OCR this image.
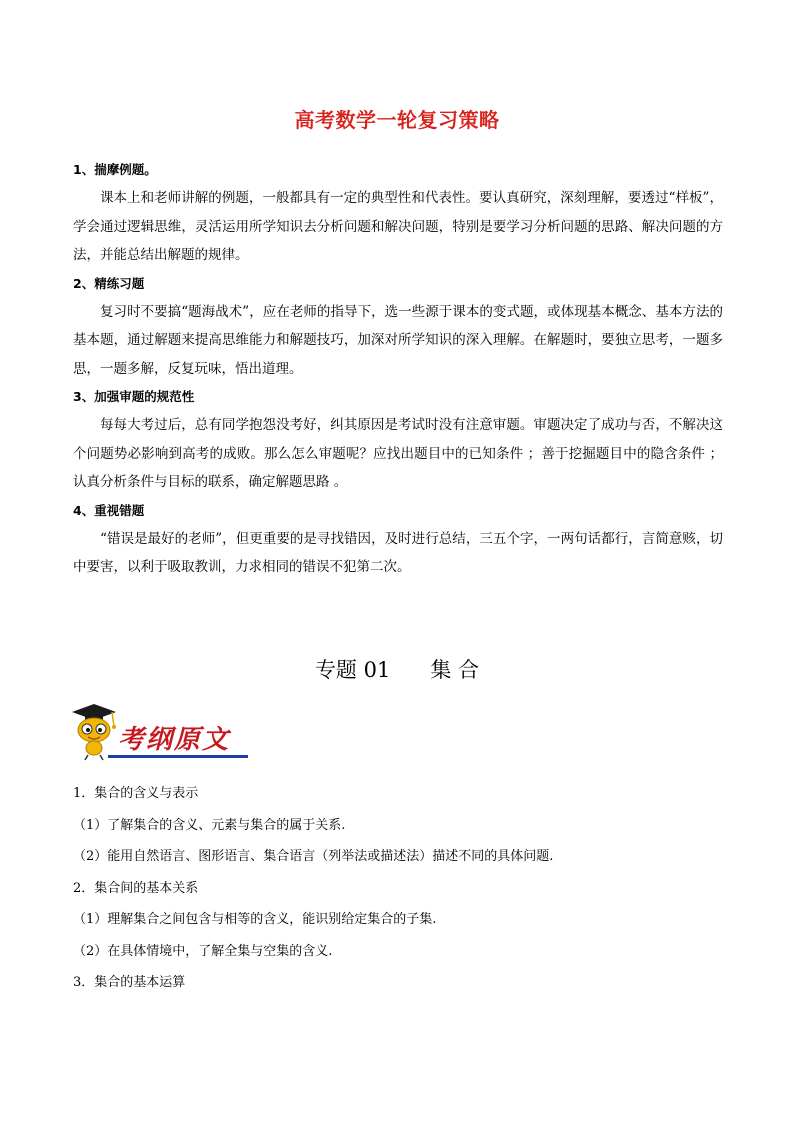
高考数学一轮复习策略
1、揣摩例题。

课本上和老师讲解的例题，一般都具有一定的典型性和代表性。要认真研究，深刻理解，要透过“样板”，学会通过逻辑思维，灵活运用所学知识去分析问题和解决问题，特别是要学习分析问题的思路、解决问题的方法，并能总结出解题的规律。

2、精练习题

复习时不要搞“题海战术”，应在老师的指导下，选一些源于课本的变式题，或体现基本概念、基本方法的基本题，通过解题来提高思维能力和解题技巧，加深对所学知识的深入理解。在解题时，要独立思考，一题多思，一题多解，反复玩味，悟出道理。

3、加强审题的规范性

每每大考过后，总有同学抱怨没考好，纠其原因是考试时没有注意审题。审题决定了成功与否，不解决这个问题势必影响到高考的成败。那么怎么审题呢？应找出题目中的已知条件 ；善于挖掘题目中的隐含条件 ；认真分析条件与目标的联系，确定解题思路 。

4、重视错题

“错误是最好的老师”，但更重要的是寻找错因，及时进行总结，三五个字，一两句话都行，言简意赅，切中要害，以利于吸取教训，力求相同的错误不犯第二次。

专题 01      集 合
考纲原文
1．集合的含义与表示
（1）了解集合的含义、元素与集合的属于关系.
（2）能用自然语言、图形语言、集合语言（列举法或描述法）描述不同的具体问题.
2．集合间的基本关系
（1）理解集合之间包含与相等的含义，能识别给定集合的子集.
（2）在具体情境中，了解全集与空集的含义.
3．集合的基本运算
